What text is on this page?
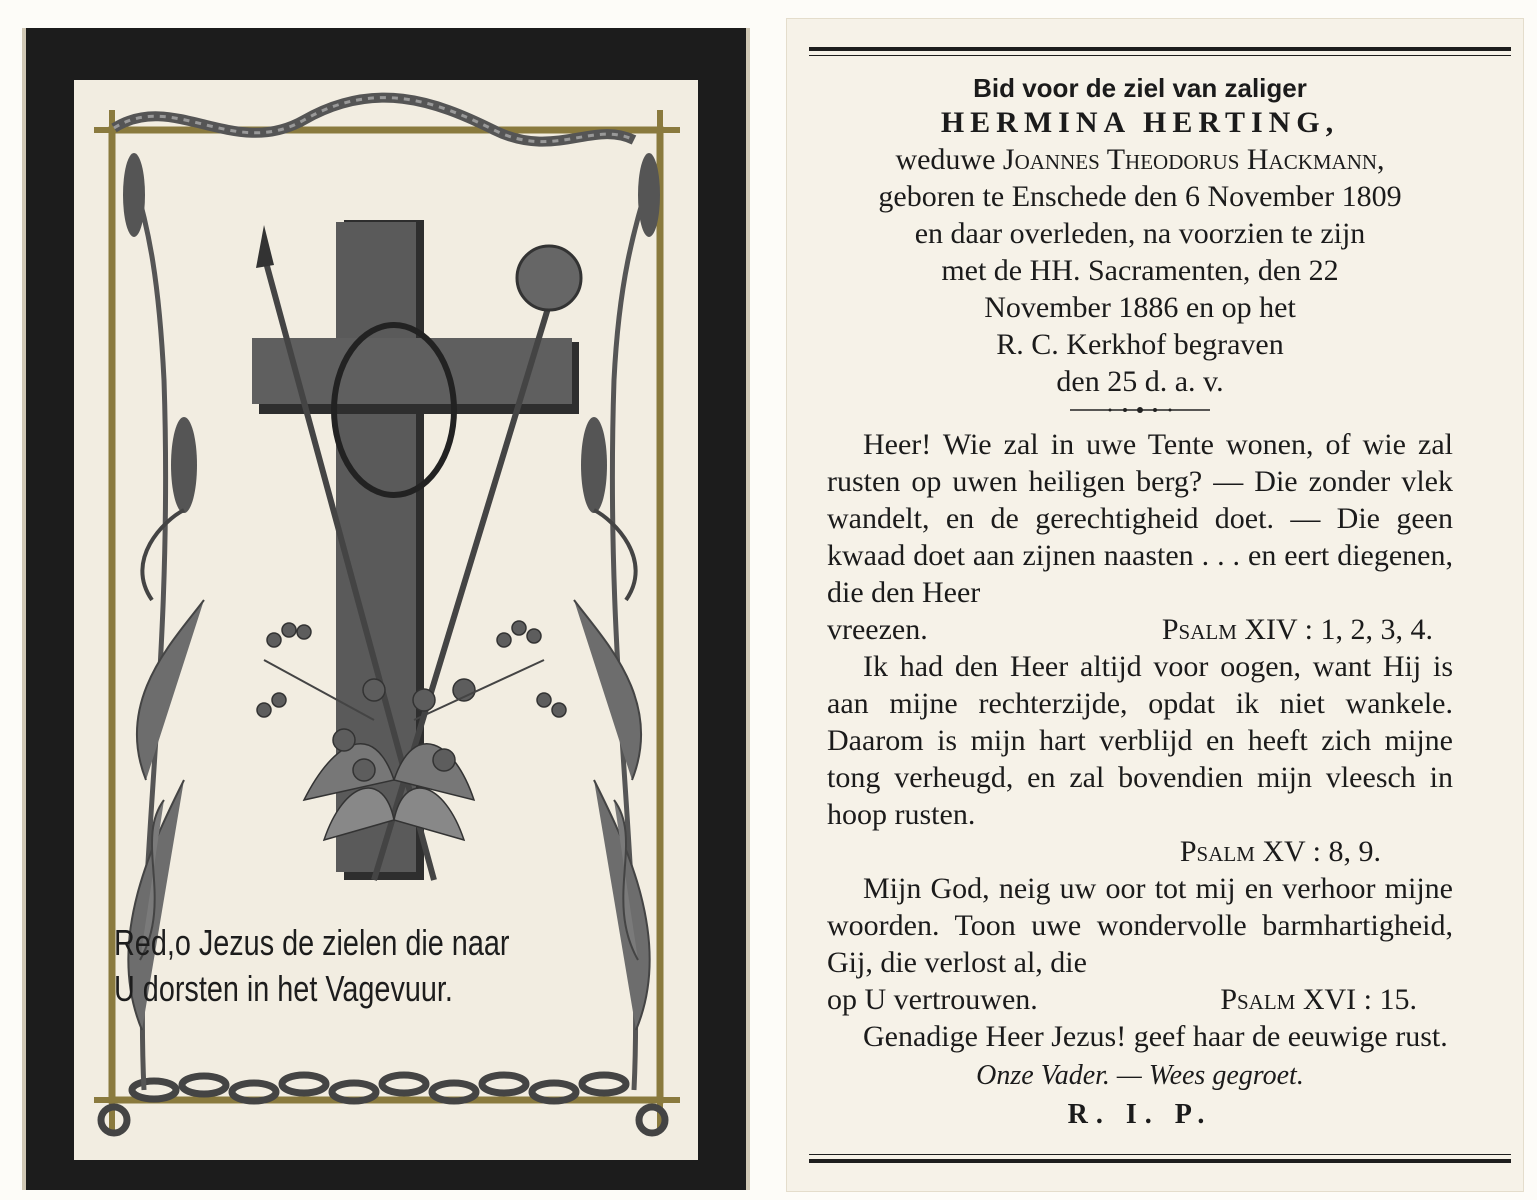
Red,o Jezus de zielen die naar
U dorsten in het Vagevuur.

Bid voor de ziel van zaliger

HERMINA HERTING,

weduwe Joannes Theodorus Hackmann,

geboren te Enschede den 6 November 1809

en daar overleden, na voorzien te zijn

met de HH. Sacramenten, den 22

November 1886 en op het

R. C. Kerkhof begraven

den 25 d. a. v.

Heer! Wie zal in uwe Tente wonen, of wie zal rusten op uwen heiligen berg? — Die zonder vlek wandelt, en de gerechtigheid doet. — Die geen kwaad doet aan zijnen naasten . . . en eert diegenen, die den Heer

vreezen.	Psalm XIV : 1, 2, 3, 4.

Ik had den Heer altijd voor oogen, want Hij is aan mijne rechterzijde, opdat ik niet wankele. Daarom is mijn hart verblijd en heeft zich mijne tong verheugd, en zal bovendien mijn vleesch in hoop rusten.

Psalm XV : 8, 9.

Mijn God, neig uw oor tot mij en verhoor mijne woorden. Toon uwe wondervolle barmhartigheid, Gij, die verlost al, die

op U vertrouwen.	Psalm XVI : 15.

Genadige Heer Jezus! geef haar de eeuwige rust.

Onze Vader. — Wees gegroet.

R. I. P.
